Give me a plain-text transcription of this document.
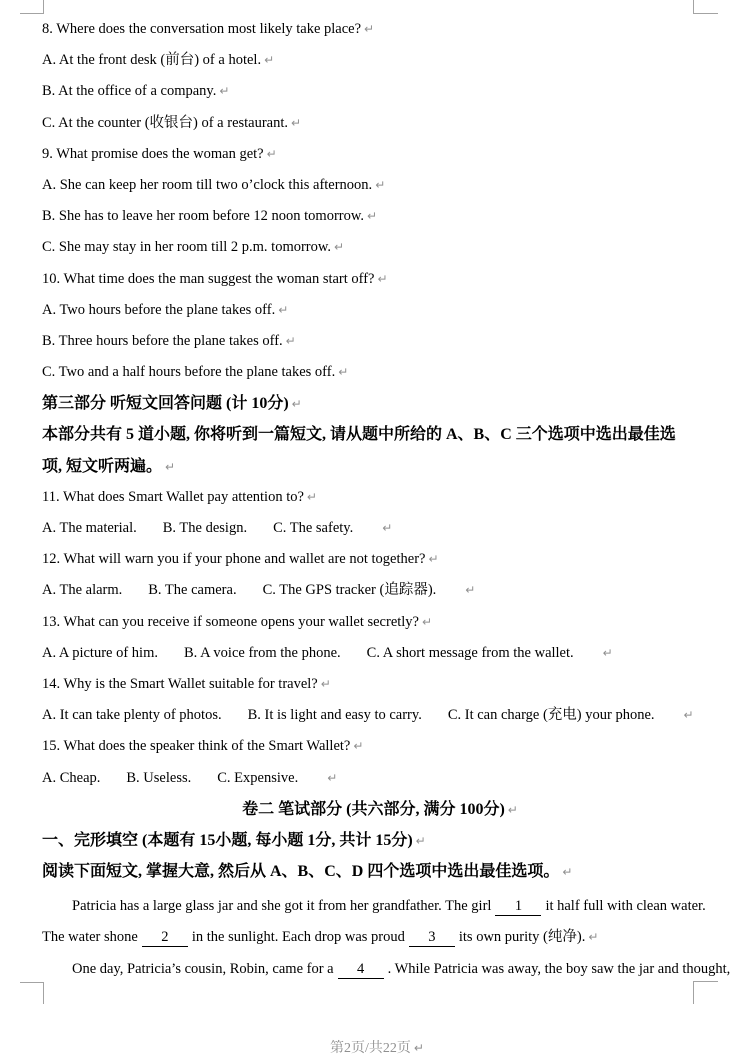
8. Where does the conversation most likely take place? ↵
A. At the front desk (前台) of a hotel. ↵
B. At the office of a company. ↵
C. At the counter (收银台) of a restaurant. ↵
9. What promise does the woman get? ↵
A. She can keep her room till two o’clock this afternoon. ↵
B. She has to leave her room before 12 noon tomorrow. ↵
C. She may stay in her room till 2 p.m. tomorrow. ↵
10. What time does the man suggest the woman start off? ↵
A. Two hours before the plane takes off. ↵
B. Three hours before the plane takes off. ↵
C. Two and a half hours before the plane takes off. ↵
第三部分 听短文回答问题 (计 10分) ↵
本部分共有 5 道小题, 你将听到一篇短文, 请从题中所给的 A、B、C 三个选项中选出最佳选
项, 短文听两遍。 ↵
11. What does Smart Wallet pay attention to? ↵
A. The material. B. The design. C. The safety. ↵
12. What will warn you if your phone and wallet are not together? ↵
A. The alarm. B. The camera. C. The GPS tracker (追踪器). ↵
13. What can you receive if someone opens your wallet secretly? ↵
A. A picture of him. B. A voice from the phone. C. A short message from the wallet. ↵
14. Why is the Smart Wallet suitable for travel? ↵
A. It can take plenty of photos. B. It is light and easy to carry. C. It can charge (充电) your phone. ↵
15. What does the speaker think of the Smart Wallet? ↵
A. Cheap. B. Useless. C. Expensive. ↵
卷二 笔试部分 (共六部分, 满分 100分) ↵
一、完形填空 (本题有 15小题, 每小题 1分, 共计 15分) ↵
阅读下面短文, 掌握大意, 然后从 A、B、C、D 四个选项中选出最佳选项。 ↵
Patricia has a large glass jar and she got it from her grandfather. The girl 1 it half full with clean water.
The water shone 2 in the sunlight. Each drop was proud 3 its own purity (纯净). ↵
One day, Patricia’s cousin, Robin, came for a 4 . While Patricia was away, the boy saw the jar and thought,
第2页/共22页 ↵
